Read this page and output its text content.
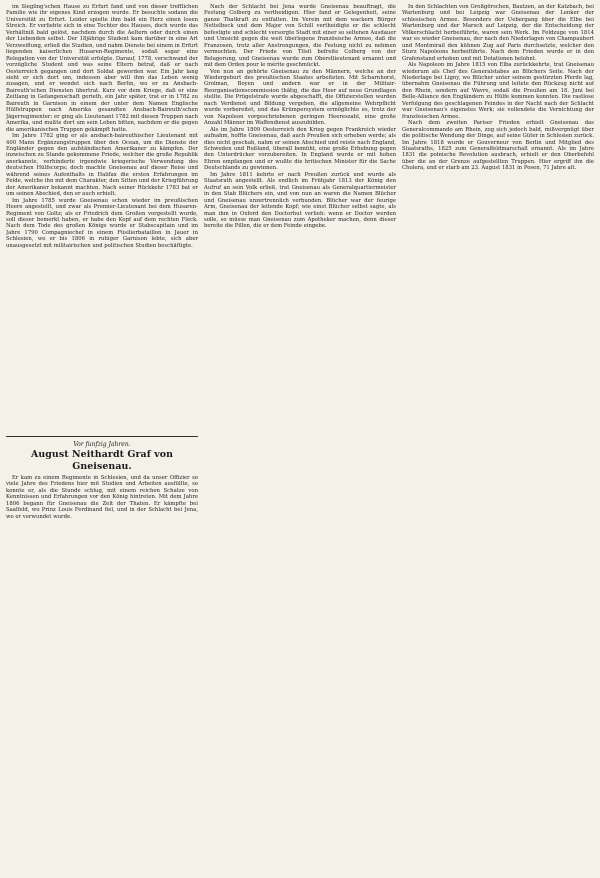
im Siegling'schen Hause zu Erfurt fand und von dieser trefflichen Familie wie ihr eigenes Kind erzogen wurde. Er besuchte sodann die Universität zu Erfurt. Leider spielte ihm bald ein Herz einen losen Streich. Er verliebte sich in eine Tochter des Hauses, doch wurde das Verhältniß bald gelöst, nachdem durch die Aeltern oder durch einen der Liebenden selbst. Der 18jährige Student kam darüber in eine Art Verzweiflung, erließ die Studien, und nahm Dienste bei einem in Erfurt liegenden kaiserlichen Husaren-Regimente, sodaß sogar eine Relegation von der Universität erfolgte. Darauf, 1778, verschwand der vorzügliche Student und was seine Eltern betraf, daß er nach Oesterreich gegangen und dort Soldat geworden war. Ein Jahr lang sieht er sich dort um, indessen aber will ihm das Leben wenig zusagen, und er wendet sich nach Berlin, wo er zu Ansbach-Baireuth'schen Diensten übertrat. Kurz vor dem Kriege, daß er eine Zeitlang in Gefangenschaft gerieth, ein Jahr später, trat er in 1782 zu Baireuth in Garnison in einem der unter dem Namen Englische Hülfstruppen nach Amerika gesandten Ansbach-Baireuth'schen Jägerregimenter; er ging als Lieutenant 1782 mit diesen Truppen nach Amerika, und mußte dort um sein Leben bitten, nachdem er die gegen die amerikanischen Truppen gekämpft hatte.

Im Jahre 1782 ging er als ansbach-baireuthischer Lieutenant mit 400 Mann Ergänzungstruppen über den Ocean, um die Dienste der Engländer gegen den aufständischen Amerikaner zu kämpfen. Der inzwischen zu Stande gekommene Friede, welcher die große Republik anerkannte, verhinderte irgendwie kriegerische Verwendung des deutschen Hülfscorps; doch machte Gneisenau auf dieser Reise und während seines Aufenthalts in Halifax die ersten Erfahrungen im Felde, welche ihn mit dem Charakter, den Sitten und der Kriegführung der Amerikaner bekannt machten. Nach seiner Rückkehr 1783 bat er um seinen Abschied, den er auch erhielt.

Im Jahre 1785 wurde Gneisenau schon wieder im preußischen Heere angestellt, und zwar als Premier-Lieutenant bei dem Husaren-Regiment von Goltz; als er Friedrich dem Großen vorgestellt wurde, soll dieser bemerkt haben, er habe den Kopf auf dem rechten Fleck. Nach dem Tode des großen Königs wurde er Stabscapitain und im Jahre 1790 Compagniechef in einem Füsilierbataillon in Jauer in Schlesien, wo er bis 1806 in ruhiger Garnison lebte, sich aber unausgesetzt mit militairischen und politischen Studien beschäftigte.

Vor funfzig Jahren.
August Neithardt Graf von Gneisenau.

Er kam zu einem Regimente in Schlesien, und da unser Offizier so viele Jahre des Friedens hier mit Studien und Arbeiten ausfüllte, so konnte er, als die Stunde schlug, mit einem reichen Schatze von Kenntnissen und Erfahrungen vor den König hintreten. Mit dem Jahre 1806 begann für Gneisenau die Zeit der Thaten. Er kämpfte bei Saalfeld, wo Prinz Louis Ferdinand fiel, und in der Schlacht bei Jena, wo er verwundet wurde.

Nach der Schlacht bei Jena wurde Gneisenau beauftragt, die Festung Colberg zu vertheidigen. Hier fand er Gelegenheit, seine ganze Thatkraft zu entfalten. Im Verein mit dem wackern Bürger Nettelbeck und dem Major von Schill vertheidigte er die schlecht befestigte und schlecht versorgte Stadt mit einer so seltenen Ausdauer und Umsicht gegen die weit überlegene französische Armee, daß die Franzosen, trotz aller Anstrengungen, die Festung nicht zu nehmen vermochten. Der Friede von Tilsit befreite Colberg von der Belagerung, und Gneisenau wurde zum Oberstlieutenant ernannt und mit dem Orden pour le mérite geschmückt.

Von nun an gehörte Gneisenau zu den Männern, welche an der Wiedergeburt des preußischen Staates arbeiteten. Mit Scharnhorst, Grolman, Boyen und andern war er in der Militair-Reorganisationscommission thätig, die das Heer auf neue Grundlagen stellte. Die Prügelstrafe wurde abgeschafft, die Offizierstellen wurden nach Verdienst und Bildung vergeben, die allgemeine Wehrpflicht wurde vorbereitet, und das Krümpersystem ermöglichte es, trotz der von Napoleon vorgeschriebenen geringen Heereszahl, eine große Anzahl Männer im Waffendienst auszubilden.

Als im Jahre 1809 Oesterreich den Krieg gegen Frankreich wieder aufnahm, hoffte Gneisenau, daß auch Preußen sich erheben werde; als dies nicht geschah, nahm er seinen Abschied und reiste nach England, Schweden und Rußland, überall bemüht, eine große Erhebung gegen den Unterdrücker vorzubereiten. In England wurde er mit hohen Ehren empfangen und er wußte die britischen Minister für die Sache Deutschlands zu gewinnen.

Im Jahre 1811 kehrte er nach Preußen zurück und wurde als Staatsrath angestellt. Als endlich im Frühjahr 1813 der König den Aufruf an sein Volk erließ, trat Gneisenau als Generalquartiermeister in den Stab Blüchers ein, und von nun an waren die Namen Blücher und Gneisenau unzertrennlich verbunden. Blücher war der feurige Arm, Gneisenau der leitende Kopf; wie einst Blücher selbst sagte, als man ihm in Oxford den Doctorhut verlieh: wenn er Doctor werden solle, so müsse man Gneisenau zum Apotheker machen, denn dieser bereite die Pillen, die er dem Feinde eingebe.

In den Schlachten von Großgörschen, Bautzen, an der Katzbach, bei Wartenburg und bei Leipzig war Gneisenau der Lenker der schlesischen Armee. Besonders der Uebergang über die Elbe bei Wartenburg und der Marsch auf Leipzig, der die Entscheidung der Völkerschlacht herbeiführte, waren sein Werk. Im Feldzuge von 1814 war es wieder Gneisenau, der nach den Niederlagen von Champaubert und Montmirail den kühnen Zug auf Paris durchsetzte, welcher den Sturz Napoleons herbeiführte. Nach dem Frieden wurde er in den Grafenstand erhoben und mit Dotationen belohnt.

Als Napoleon im Jahre 1815 von Elba zurückkehrte, trat Gneisenau wiederum als Chef des Generalstabes an Blüchers Seite. Nach der Niederlage bei Ligny, wo Blücher unter seinem gestürzten Pferde lag, übernahm Gneisenau die Führung und leitete den Rückzug nicht auf den Rhein, sondern auf Wavre, sodaß die Preußen am 18. Juni bei Belle-Alliance den Engländern zu Hülfe kommen konnten. Die rastlose Verfolgung des geschlagenen Feindes in der Nacht nach der Schlacht war Gneisenau's eigenstes Werk; sie vollendete die Vernichtung der französischen Armee.

Nach dem zweiten Pariser Frieden erhielt Gneisenau das Generalcommando am Rhein, zog sich jedoch bald, mißvergnügt über die politische Wendung der Dinge, auf seine Güter in Schlesien zurück. Im Jahre 1818 wurde er Gouverneur von Berlin und Mitglied des Staatsraths, 1825 zum Generalfeldmarschall ernannt. Als im Jahre 1831 die polnische Revolution ausbrach, erhielt er den Oberbefehl über die an der Grenze aufgestellten Truppen. Hier ergriff ihn die Cholera, und er starb am 23. August 1831 in Posen, 71 Jahre alt.
